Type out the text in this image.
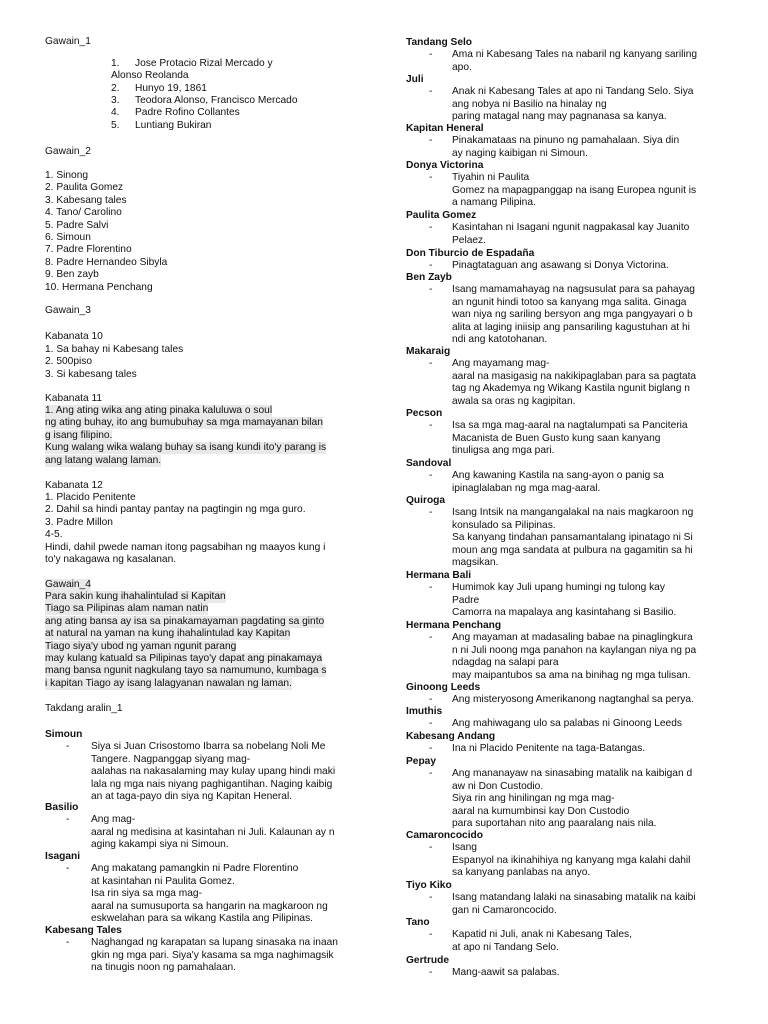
Gawain_1
1. Jose Protacio Rizal Mercado y
Alonso Reolanda
2. Hunyo 19, 1861
3. Teodora Alonso, Francisco Mercado
4. Padre Rofino Collantes
5. Luntiang Bukiran
Gawain_2
1. Sinong
2. Paulita Gomez
3. Kabesang tales
4. Tano/ Carolino
5. Padre Salvi
6. Simoun
7. Padre Florentino
8. Padre Hernandeo Sibyla
9. Ben zayb
10. Hermana Penchang
Gawain_3
Kabanata 10
1. Sa bahay ni Kabesang tales
2. 500piso
3. Si kabesang tales
Kabanata 11
1. Ang ating wika ang ating pinaka kaluluwa o soul
ng ating buhay, ito ang bumubuhay sa mga mamayanan bilan
g isang filipino.
Kung walang wika walang buhay sa isang kundi ito'y parang is
ang latang walang laman.
Kabanata 12
1. Placido Penitente
2. Dahil sa hindi pantay pantay na pagtingin ng mga guro.
3. Padre Millon
4-5.
Hindi, dahil pwede naman itong pagsabihan ng maayos kung i
to'y nakagawa ng kasalanan.
Gawain_4
Para sakin kung ihahalintulad si Kapitan
Tiago sa Pilipinas alam naman natin
ang ating bansa ay isa sa pinakamayaman pagdating sa ginto
at natural na yaman na kung ihahalintulad kay Kapitan
Tiago siya'y ubod ng yaman ngunit parang
may kulang katuald sa Pilipinas tayo'y dapat ang pinakamaya
mang bansa ngunit nagkulang tayo sa namumuno, kumbaga s
i kapitan Tiago ay isang lalagyanan nawalan ng laman.
Takdang aralin_1
Simoun
- Siya si Juan Crisostomo Ibarra sa nobelang Noli Me
Tangere. Nagpanggap siyang mag-
aalahas na nakasalaming may kulay upang hindi maki
lala ng mga nais niyang paghigantihan. Naging kaibig
an at taga-payo din siya ng Kapitan Heneral.
Basilio
- Ang mag-
aaral ng medisina at kasintahan ni Juli. Kalaunan ay n
aging kakampi siya ni Simoun.
Isagani
- Ang makatang pamangkin ni Padre Florentino
at kasintahan ni Paulita Gomez.
Isa rin siya sa mga mag-
aaral na sumusuporta sa hangarin na magkaroon ng
eskwelahan para sa wikang Kastila ang Pilipinas.
Kabesang Tales
- Naghangad ng karapatan sa lupang sinasaka na inaan
gkin ng mga pari. Siya'y kasama sa mga naghimagsik
na tinugis noon ng pamahalaan.
Tandang Selo
- Ama ni Kabesang Tales na nabaril ng kanyang sariling
apo.
Juli
- Anak ni Kabesang Tales at apo ni Tandang Selo. Siya
ang nobya ni Basilio na hinalay ng
paring matagal nang may pagnanasa sa kanya.
Kapitan Heneral
- Pinakamataas na pinuno ng pamahalaan. Siya din
ay naging kaibigan ni Simoun.
Donya Victorina
- Tiyahin ni Paulita
Gomez na mapagpanggap na isang Europea ngunit is
a namang Pilipina.
Paulita Gomez
- Kasintahan ni Isagani ngunit nagpakasal kay Juanito
Pelaez.
Don Tiburcio de Espadaña
- Pinagtataguan ang asawang si Donya Victorina.
Ben Zayb
- Isang mamamahayag na nagsusulat para sa pahayag
an ngunit hindi totoo sa kanyang mga salita. Ginaga
wan niya ng sariling bersyon ang mga pangyayari o b
alita at laging iniisip ang pansariling kagustuhan at hi
ndi ang katotohanan.
Makaraig
- Ang mayamang mag-
aaral na masigasig na nakikipaglaban para sa pagtata
tag ng Akademya ng Wikang Kastila ngunit biglang n
awala sa oras ng kagipitan.
Pecson
- Isa sa mga mag-aaral na nagtalumpati sa Panciteria
Macanista de Buen Gusto kung saan kanyang
tinuligsa ang mga pari.
Sandoval
- Ang kawaning Kastila na sang-ayon o panig sa
ipinaglalaban ng mga mag-aaral.
Quiroga
- Isang Intsik na mangangalakal na nais magkaroon ng
konsulado sa Pilipinas.
Sa kanyang tindahan pansamantalang ipinatago ni Si
moun ang mga sandata at pulbura na gagamitin sa hi
magsikan.
Hermana Bali
- Humimok kay Juli upang humingi ng tulong kay
Padre
Camorra na mapalaya ang kasintahang si Basilio.
Hermana Penchang
- Ang mayaman at madasaling babae na pinaglingkura
n ni Juli noong mga panahon na kaylangan niya ng pa
ndagdag na salapi para
may maipantubos sa ama na binihag ng mga tulisan.
Ginoong Leeds
- Ang misteryosong Amerikanong nagtanghal sa perya.
Imuthis
- Ang mahiwagang ulo sa palabas ni Ginoong Leeds
Kabesang Andang
- Ina ni Placido Penitente na taga-Batangas.
Pepay
- Ang mananayaw na sinasabing matalik na kaibigan d
aw ni Don Custodio.
Siya rin ang hinilingan ng mga mag-
aaral na kumumbinsi kay Don Custodio
para suportahan nito ang paaralang nais nila.
Camaroncocido
- Isang
Espanyol na ikinahihiya ng kanyang mga kalahi dahil
sa kanyang panlabas na anyo.
Tiyo Kiko
- Isang matandang lalaki na sinasabing matalik na kaibi
gan ni Camaroncocido.
Tano
- Kapatid ni Juli, anak ni Kabesang Tales,
at apo ni Tandang Selo.
Gertrude
- Mang-aawit sa palabas.
